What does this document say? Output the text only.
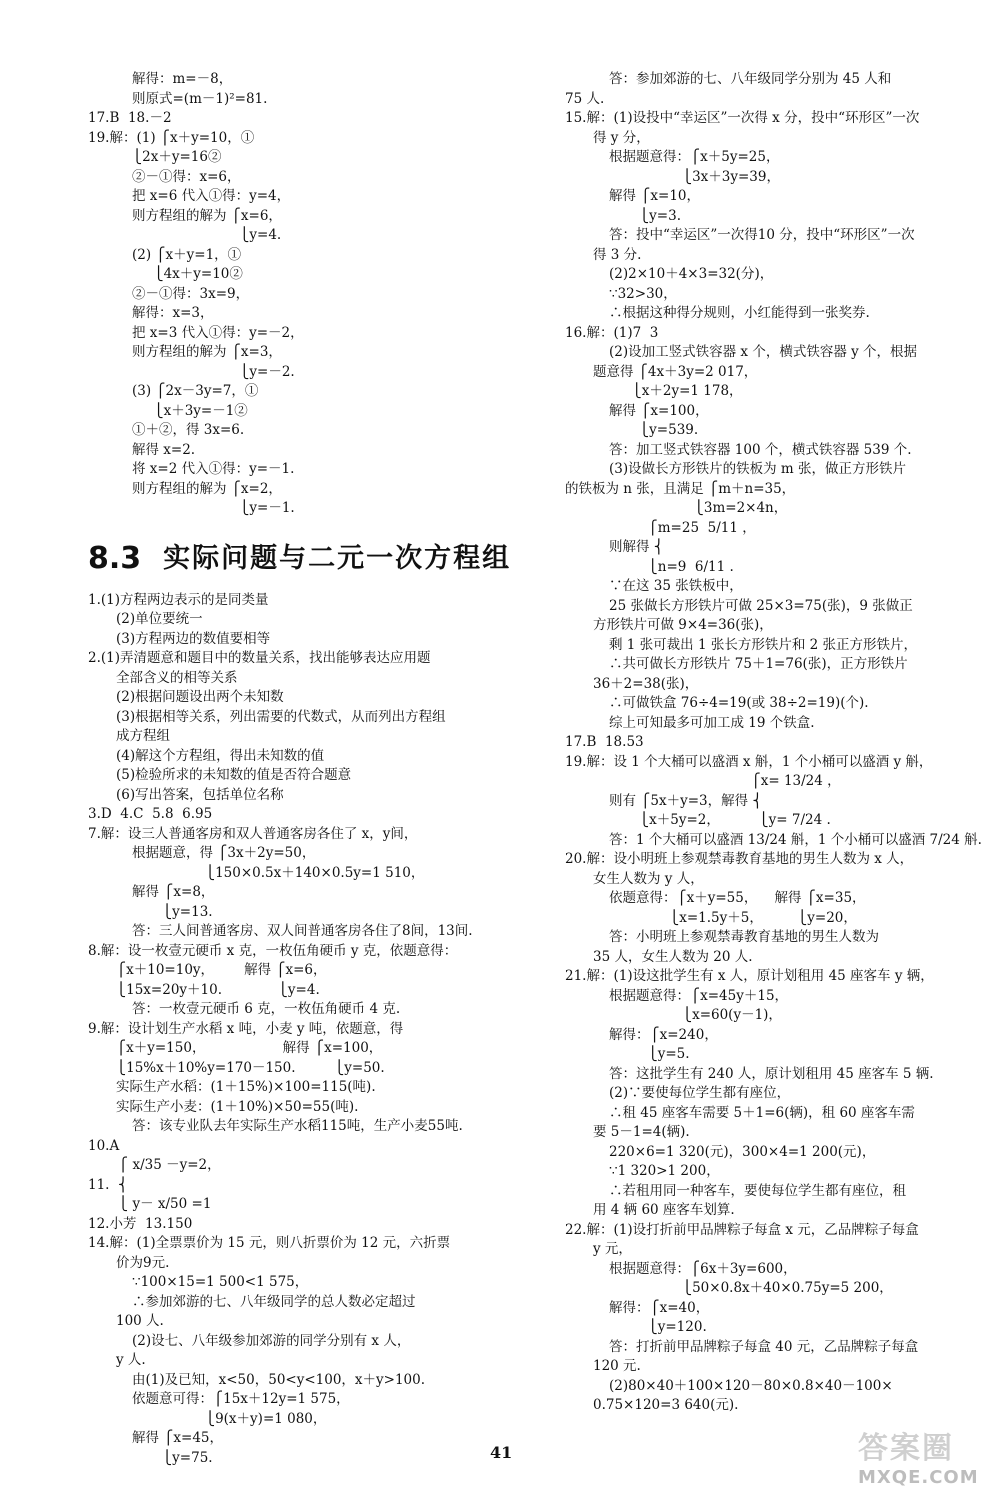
解得：m=－8，
则原式=(m－1)²=81.
17.B  18.－2
19.解：(1) ⎧x＋y=10，①
⎩2x＋y=16②
②－①得：x=6，
把 x=6 代入①得：y=4，
则方程组的解为 ⎧x=6，
⎩y=4.
(2) ⎧x＋y=1，①
⎩4x＋y=10②
②－①得：3x=9，
解得：x=3，
把 x=3 代入①得：y=－2，
则方程组的解为 ⎧x=3，
⎩y=－2.
(3) ⎧2x－3y=7，①
⎩x＋3y=－1②
①＋②，得 3x=6.
解得 x=2.
将 x=2 代入①得：y=－1.
则方程组的解为 ⎧x=2，
⎩y=－1.
8.3 实际问题与二元一次方程组
1.(1)方程两边表示的是同类量
(2)单位要统一
(3)方程两边的数值要相等
2.(1)弄清题意和题目中的数量关系，找出能够表达应用题
全部含义的相等关系
(2)根据问题设出两个未知数
(3)根据相等关系，列出需要的代数式，从而列出方程组
成方程组
(4)解这个方程组，得出未知数的值
(5)检验所求的未知数的值是否符合题意
(6)写出答案，包括单位名称
3.D  4.C  5.8  6.95
7.解：设三人普通客房和双人普通客房各住了 x，y间，
根据题意，得 ⎧3x＋2y=50，
⎩150×0.5x＋140×0.5y=1 510，
解得 ⎧x=8，
⎩y=13.
答：三人间普通客房、双人间普通客房各住了8间，13间.
8.解：设一枚壹元硬币 x 克，一枚伍角硬币 y 克，依题意得：
⎧x＋10=10y，       解得 ⎧x=6，
⎩15x=20y＋10.             ⎩y=4.
答：一枚壹元硬币 6 克，一枚伍角硬币 4 克.
9.解：设计划生产水稻 x 吨，小麦 y 吨，依题意，得
⎧x＋y=150，                  解得 ⎧x=100，
⎩15%x＋10%y=170－150.         ⎩y=50.
实际生产水稻：(1＋15%)×100=115(吨).
实际生产小麦：(1＋10%)×50=55(吨).
答：该专业队去年实际生产水稻115吨，生产小麦55吨.
10.A
⎧ x/35 －y=2，
11.  ⎨
⎩ y－ x/50 =1
12.小芳  13.150
14.解：(1)全票票价为 15 元，则八折票价为 12 元，六折票
价为9元.
∵100×15=1 500<1 575，
∴参加郊游的七、八年级同学的总人数必定超过
100 人.
(2)设七、八年级参加郊游的同学分别有 x 人，
y 人.
由(1)及已知，x<50，50<y<100，x＋y>100.
依题意可得：⎧15x＋12y=1 575，
⎩9(x＋y)=1 080，
解得 ⎧x=45，
⎩y=75.
答：参加郊游的七、八年级同学分别为 45 人和
75 人.
15.解：(1)设投中“幸运区”一次得 x 分，投中“环形区”一次
得 y 分，
根据题意得：⎧x＋5y=25，
⎩3x＋3y=39，
解得 ⎧x=10，
⎩y=3.
答：投中“幸运区”一次得10 分，投中“环形区”一次
得 3 分.
(2)2×10＋4×3=32(分)，
∵32>30，
∴根据这种得分规则，小红能得到一张奖券.
16.解：(1)7  3
(2)设加工竖式铁容器 x 个，横式铁容器 y 个，根据
题意得 ⎧4x＋3y=2 017，
⎩x＋2y=1 178，
解得 ⎧x=100，
⎩y=539.
答：加工竖式铁容器 100 个，横式铁容器 539 个.
(3)设做长方形铁片的铁板为 m 张，做正方形铁片
的铁板为 n 张，且满足 ⎧m＋n=35，
⎩3m=2×4n，
⎧m=25  5/11 ，
则解得 ⎨
⎩n=9  6/11 .
∵在这 35 张铁板中，
25 张做长方形铁片可做 25×3=75(张)，9 张做正
方形铁片可做 9×4=36(张)，
剩 1 张可裁出 1 张长方形铁片和 2 张正方形铁片，
∴共可做长方形铁片 75＋1=76(张)，正方形铁片
36＋2=38(张)，
∴可做铁盒 76÷4=19(或 38÷2=19)(个).
综上可知最多可加工成 19 个铁盒.
17.B  18.53
19.解：设 1 个大桶可以盛酒 x 斛，1 个小桶可以盛酒 y 斛，
⎧x= 13/24 ，
则有 ⎧5x＋y=3，解得 ⎨
⎩x＋5y=2，         ⎩y= 7/24 .
答：1 个大桶可以盛酒 13/24 斛，1 个小桶可以盛酒 7/24 斛.
20.解：设小明班上参观禁毒教育基地的男生人数为 x 人，
女生人数为 y 人，
依题意得：⎧x＋y=55，    解得 ⎧x=35，
⎩x=1.5y＋5，        ⎩y=20，
答：小明班上参观禁毒教育基地的男生人数为
35 人，女生人数为 20 人.
21.解：(1)设这批学生有 x 人，原计划租用 45 座客车 y 辆，
根据题意得：⎧x=45y＋15，
⎩x=60(y－1)，
解得：⎧x=240，
⎩y=5.
答：这批学生有 240 人，原计划租用 45 座客车 5 辆.
(2)∵要使每位学生都有座位，
∴租 45 座客车需要 5＋1=6(辆)，租 60 座客车需
要 5－1=4(辆).
220×6=1 320(元)，300×4=1 200(元)，
∵1 320>1 200，
∴若租用同一种客车，要使每位学生都有座位，租
用 4 辆 60 座客车划算.
22.解：(1)设打折前甲品牌粽子每盒 x 元，乙品牌粽子每盒
y 元，
根据题意得：⎧6x＋3y=600，
⎩50×0.8x＋40×0.75y=5 200，
解得：⎧x=40，
⎩y=120.
答：打折前甲品牌粽子每盒 40 元，乙品牌粽子每盒
120 元.
(2)80×40＋100×120－80×0.8×40－100×
0.75×120=3 640(元).
41	答案圈
MXQE.COM
